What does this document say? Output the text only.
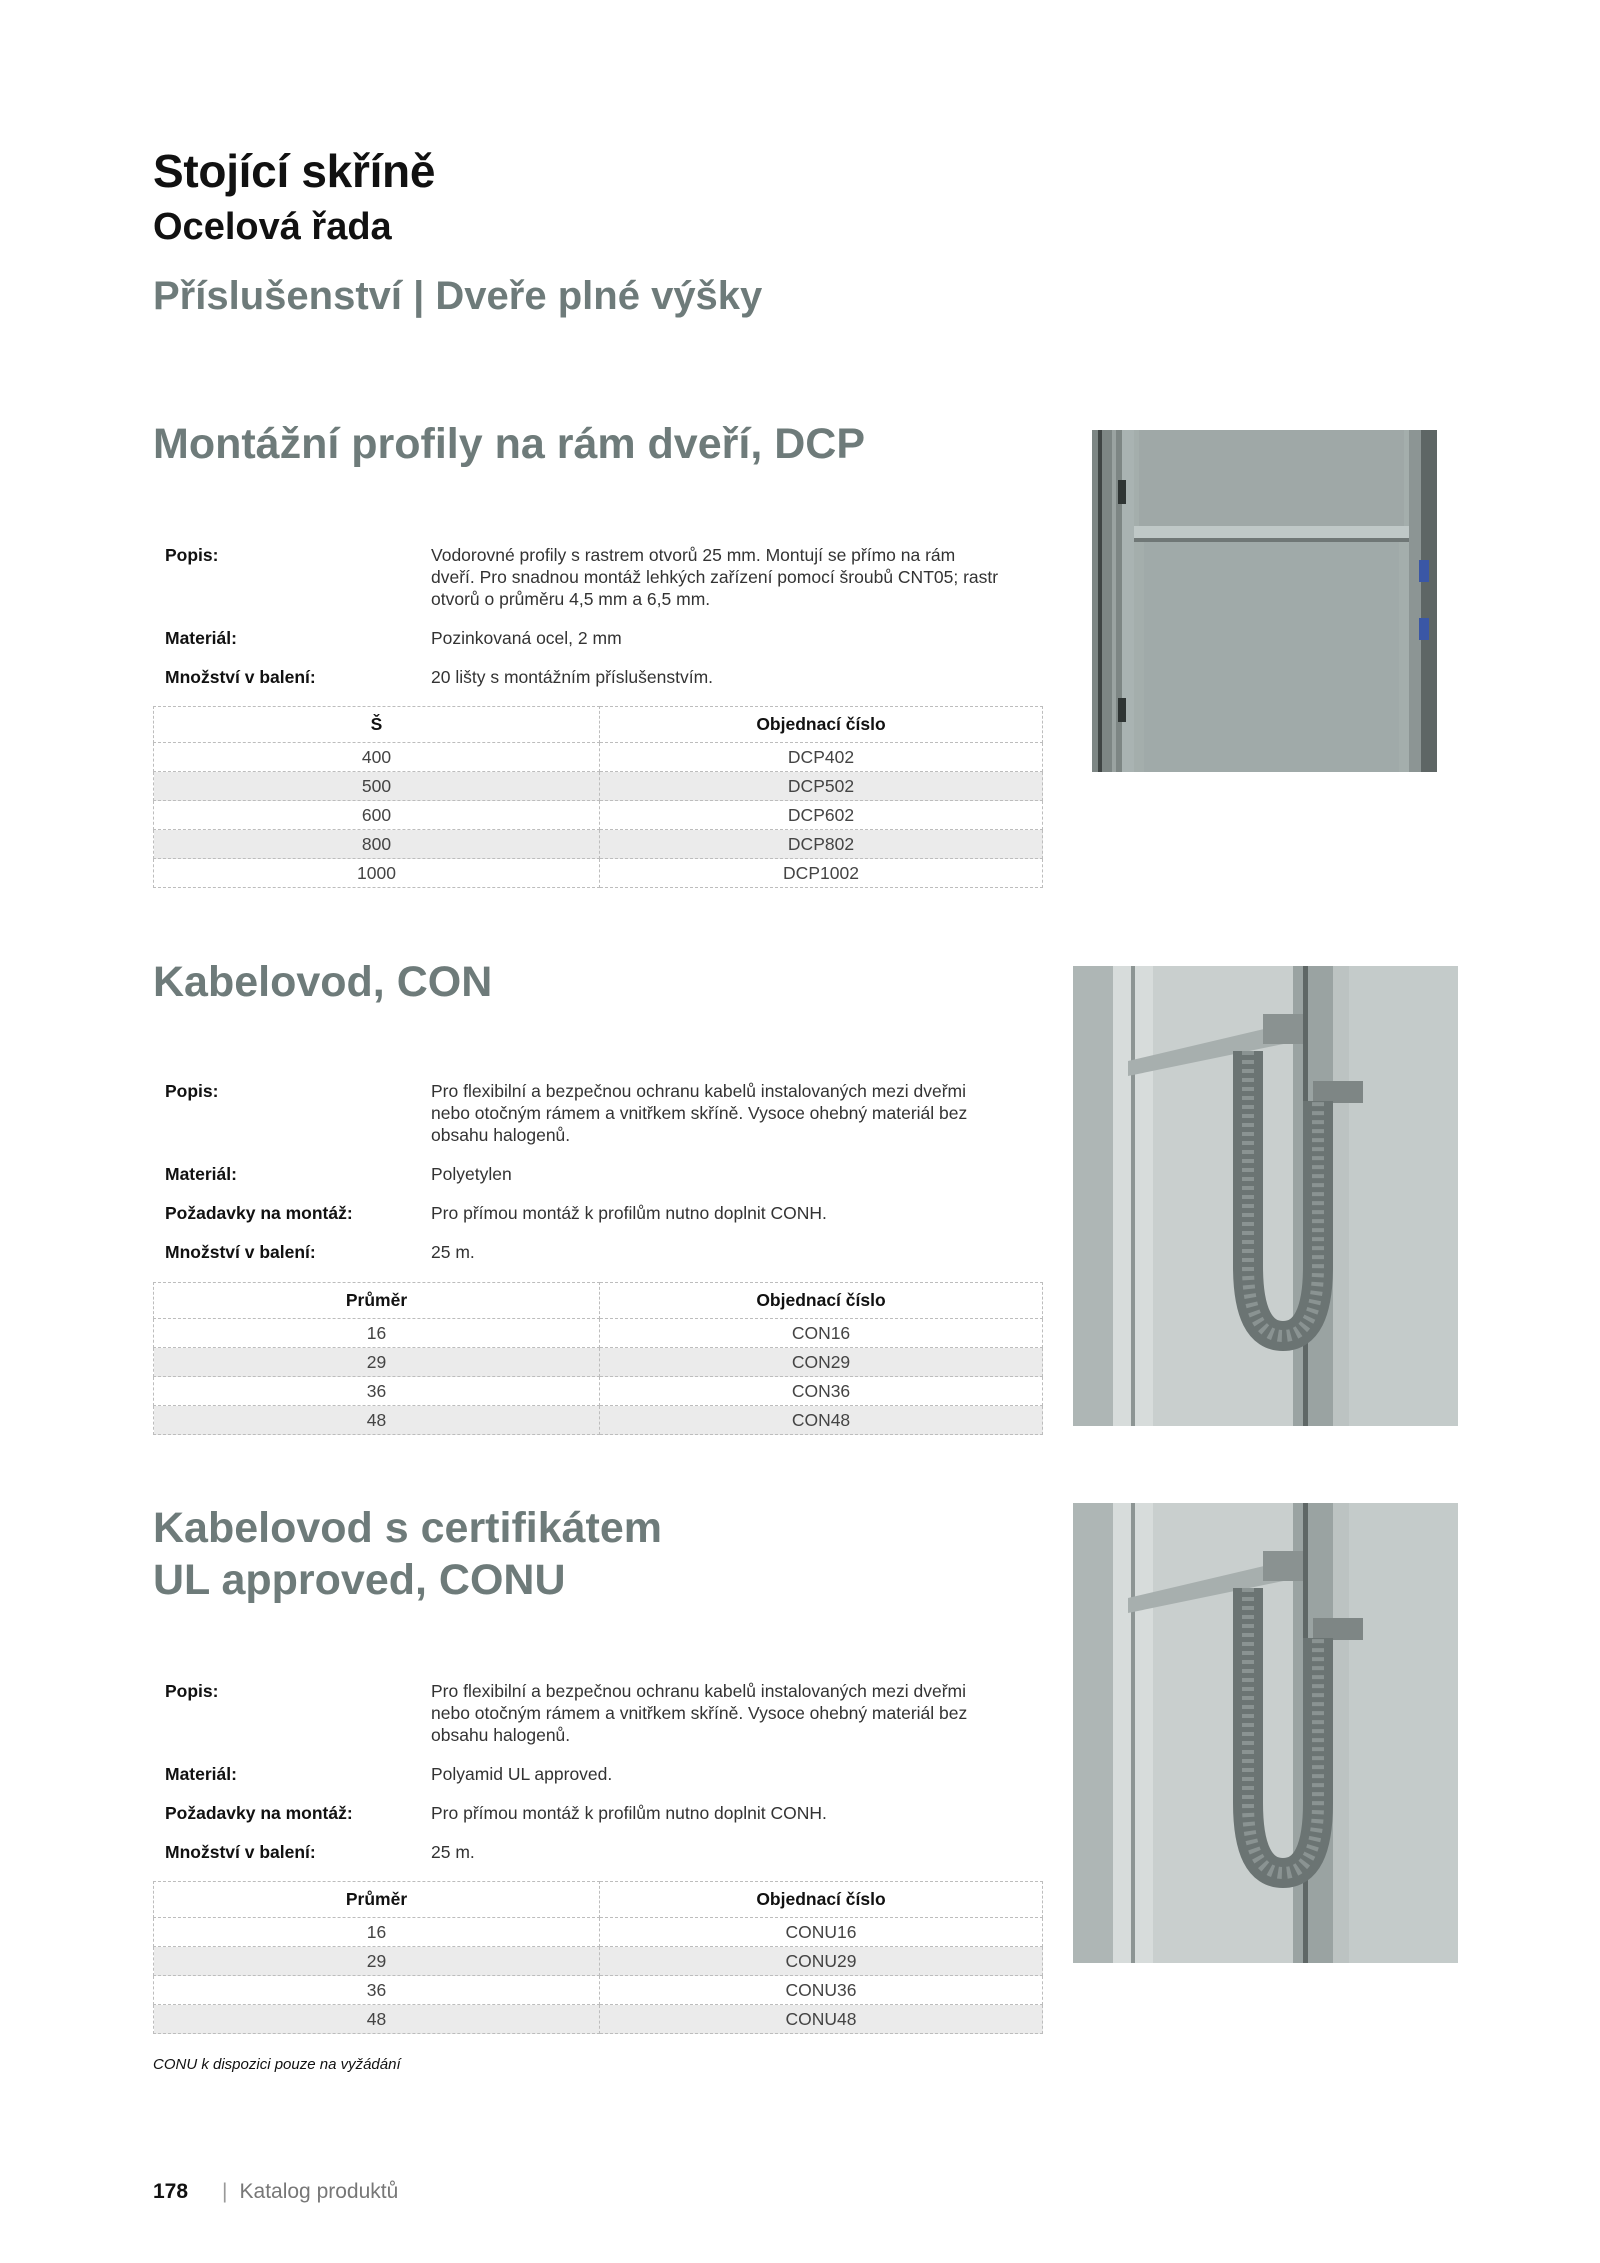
Stojící skříně
Ocelová řada
Příslušenství | Dveře plné výšky
Montážní profily na rám dveří, DCP
Popis:	Vodorovné profily s rastrem otvorů 25 mm. Montují se přímo na rám dveří. Pro snadnou montáž lehkých zařízení pomocí šroubů CNT05; rastr otvorů o průměru 4,5 mm a 6,5 mm.
Materiál:	Pozinkovaná ocel, 2 mm
Množství v balení:	20 lišty s montážním příslušenstvím.
Š	Objednací číslo
400	DCP402
500	DCP502
600	DCP602
800	DCP802
1000	DCP1002
Kabelovod, CON
Popis:	Pro flexibilní a bezpečnou ochranu kabelů instalovaných mezi dveřmi nebo otočným rámem a vnitřkem skříně. Vysoce ohebný materiál bez obsahu halogenů.
Materiál:	Polyetylen
Požadavky na montáž:	Pro přímou montáž k profilům nutno doplnit CONH.
Množství v balení:	25 m.
Průměr	Objednací číslo
16	CON16
29	CON29
36	CON36
48	CON48
Kabelovod s certifikátem
UL approved, CONU
Popis:	Pro flexibilní a bezpečnou ochranu kabelů instalovaných mezi dveřmi nebo otočným rámem a vnitřkem skříně. Vysoce ohebný materiál bez obsahu halogenů.
Materiál:	Polyamid UL approved.
Požadavky na montáž:	Pro přímou montáž k profilům nutno doplnit CONH.
Množství v balení:	25 m.
Průměr	Objednací číslo
16	CONU16
29	CONU29
36	CONU36
48	CONU48
CONU k dispozici pouze na vyžádání
178 | Katalog produktů
